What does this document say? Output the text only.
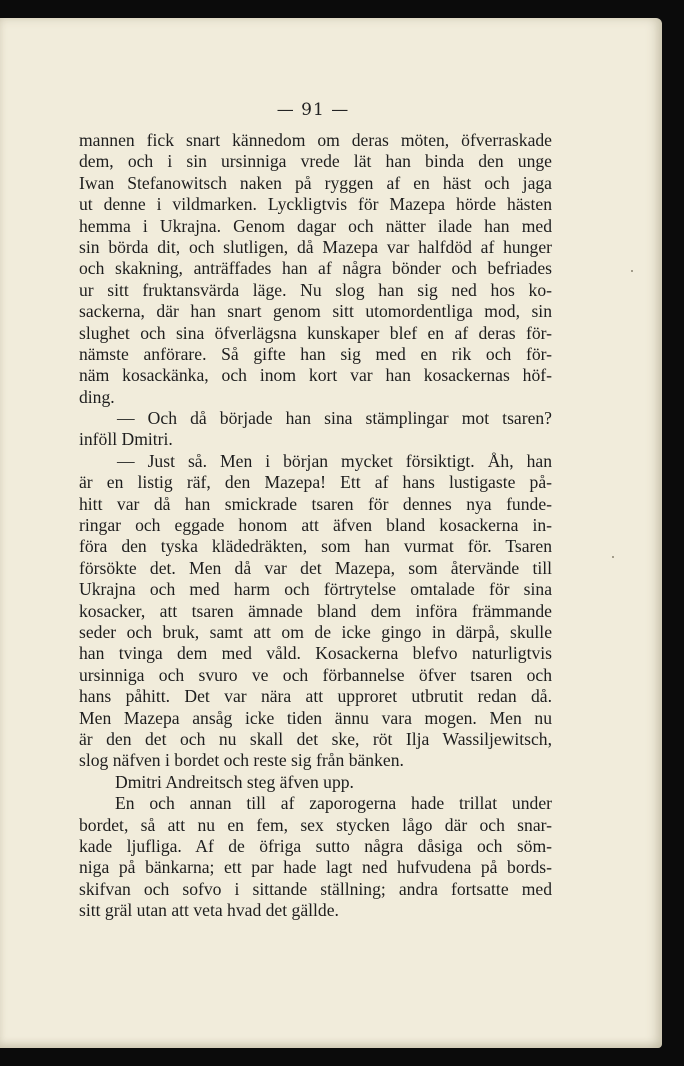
— 91 —
mannen fick snart kännedom om deras möten, öfverraskade
dem, och i sin ursinniga vrede lät han binda den unge
Iwan Stefanowitsch naken på ryggen af en häst och jaga
ut denne i vildmarken. Lyckligtvis för Mazepa hörde hästen
hemma i Ukrajna. Genom dagar och nätter ilade han med
sin börda dit, och slutligen, då Mazepa var halfdöd af hunger
och skakning, anträffades han af några bönder och befriades
ur sitt fruktansvärda läge. Nu slog han sig ned hos ko-
sackerna, där han snart genom sitt utomordentliga mod, sin
slughet och sina öfverlägsna kunskaper blef en af deras för-
nämste anförare. Så gifte han sig med en rik och för-
näm kosackänka, och inom kort var han kosackernas höf-
ding.
— Och då började han sina stämplingar mot tsaren?
inföll Dmitri.
— Just så. Men i början mycket försiktigt. Åh, han
är en listig räf, den Mazepa! Ett af hans lustigaste på-
hitt var då han smickrade tsaren för dennes nya funde-
ringar och eggade honom att äfven bland kosackerna in-
föra den tyska klädedräkten, som han vurmat för. Tsaren
försökte det. Men då var det Mazepa, som återvände till
Ukrajna och med harm och förtrytelse omtalade för sina
kosacker, att tsaren ämnade bland dem införa främmande
seder och bruk, samt att om de icke gingo in därpå, skulle
han tvinga dem med våld. Kosackerna blefvo naturligtvis
ursinniga och svuro ve och förbannelse öfver tsaren och
hans påhitt. Det var nära att upproret utbrutit redan då.
Men Mazepa ansåg icke tiden ännu vara mogen. Men nu
är den det och nu skall det ske, röt Ilja Wassiljewitsch,
slog näfven i bordet och reste sig från bänken.
Dmitri Andreitsch steg äfven upp.
En och annan till af zaporogerna hade trillat under
bordet, så att nu en fem, sex stycken lågo där och snar-
kade ljufliga. Af de öfriga sutto några dåsiga och söm-
niga på bänkarna; ett par hade lagt ned hufvudena på bords-
skifvan och sofvo i sittande ställning; andra fortsatte med
sitt gräl utan att veta hvad det gällde.
